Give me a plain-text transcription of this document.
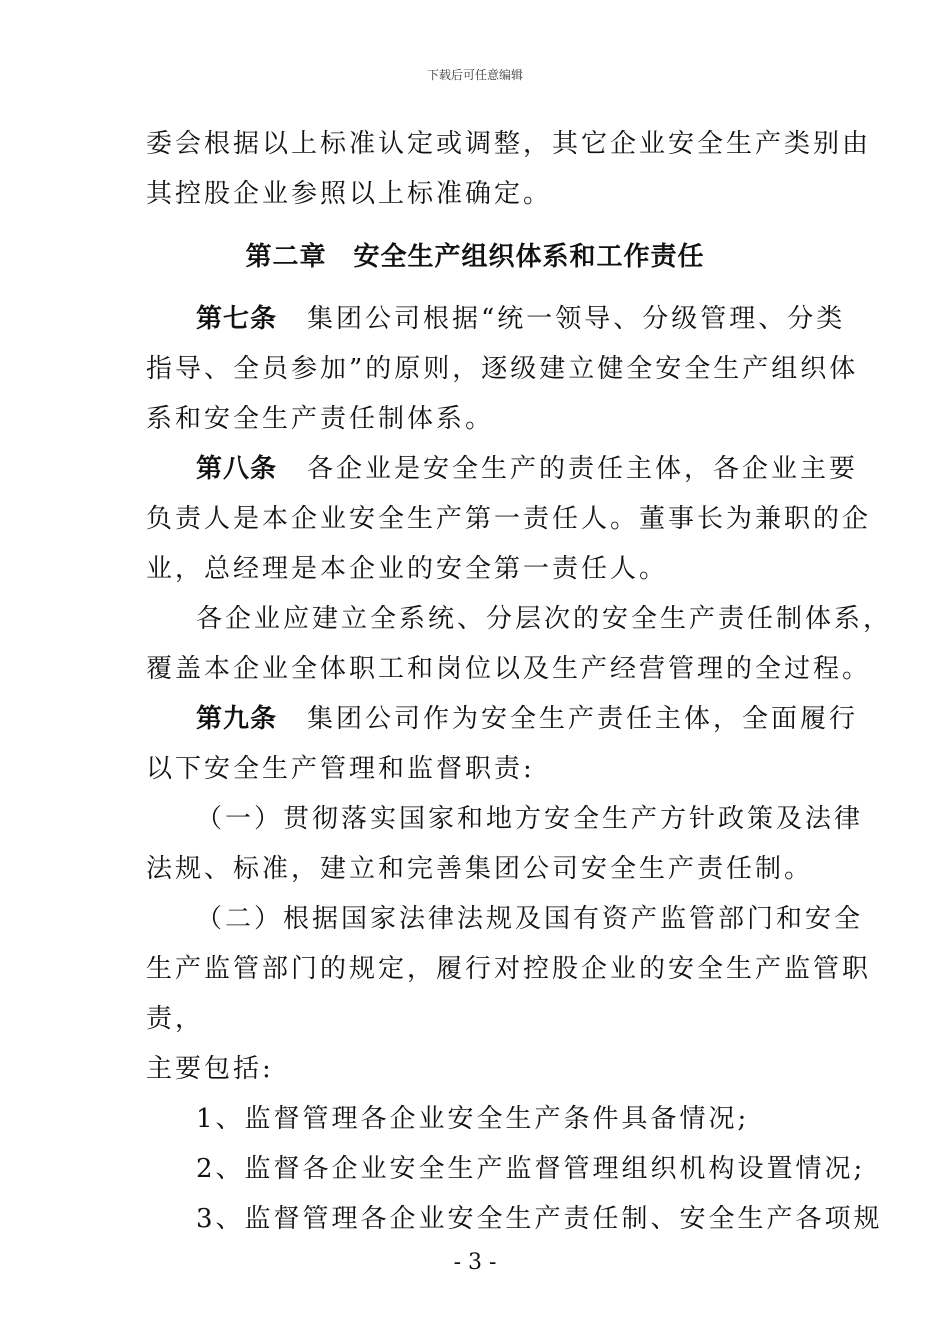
下载后可任意编辑
委会根据以上标准认定或调整，其它企业安全生产类别由
其控股企业参照以上标准确定。
第二章　安全生产组织体系和工作责任
第七条 集团公司根据“统一领导、分级管理、分类
指导、全员参加”的原则，逐级建立健全安全生产组织体
系和安全生产责任制体系。
第八条 各企业是安全生产的责任主体，各企业主要
负责人是本企业安全生产第一责任人。董事长为兼职的企
业，总经理是本企业的安全第一责任人。
各企业应建立全系统、分层次的安全生产责任制体系，
覆盖本企业全体职工和岗位以及生产经营管理的全过程。
第九条 集团公司作为安全生产责任主体，全面履行
以下安全生产管理和监督职责:
（一）贯彻落实国家和地方安全生产方针政策及法律
法规、标准，建立和完善集团公司安全生产责任制。
（二）根据国家法律法规及国有资产监管部门和安全
生产监管部门的规定，履行对控股企业的安全生产监管职
责，
主要包括:
1、监督管理各企业安全生产条件具备情况;
2、监督各企业安全生产监督管理组织机构设置情况;
3、监督管理各企业安全生产责任制、安全生产各项规
- 3 -
